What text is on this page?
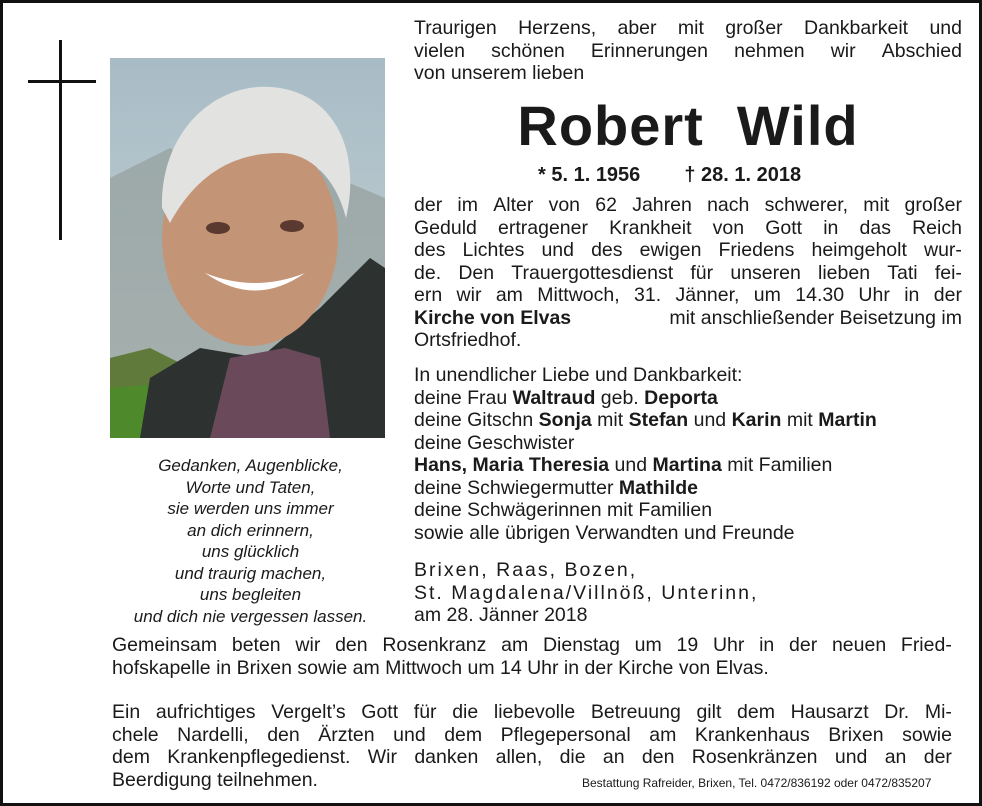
Gedanken, Augenblicke,
Worte und Taten,
sie werden uns immer
an dich erinnern,
uns glücklich
und traurig machen,
uns begleiten
und dich nie vergessen lassen.
Traurigen Herzens, aber mit großer Dankbarkeit und
vielen schönen Erinnerungen nehmen wir Abschied
von unserem lieben
Robert  Wild
* 5. 1. 1956 † 28. 1. 2018
der im Alter von 62 Jahren nach schwerer, mit großer
Geduld ertragener Krankheit von Gott in das Reich
des Lichtes und des ewigen Friedens heimgeholt wur-
de. Den Trauergottesdienst für unseren lieben Tati fei-
ern wir am Mittwoch, 31. Jänner, um 14.30 Uhr in der
Kirche von Elvas	mit anschließender Beisetzung im
Ortsfriedhof.
In unendlicher Liebe und Dankbarkeit:
deine Frau Waltraud geb. Deporta
deine Gitschn Sonja mit Stefan und Karin mit Martin
deine Geschwister
Hans, Maria Theresia und Martina mit Familien
deine Schwiegermutter Mathilde
deine Schwägerinnen mit Familien
sowie alle übrigen Verwandten und Freunde
Brixen, Raas, Bozen,
St. Magdalena/Villnöß, Unterinn,
am 28. Jänner 2018
Gemeinsam beten wir den Rosenkranz am Dienstag um 19 Uhr in der neuen Fried-
hofskapelle in Brixen sowie am Mittwoch um 14 Uhr in der Kirche von Elvas.
Ein aufrichtiges Vergelt’s Gott für die liebevolle Betreuung gilt dem Hausarzt Dr. Mi-
chele Nardelli, den Ärzten und dem Pflegepersonal am Krankenhaus Brixen sowie
dem Krankenpflegedienst. Wir danken allen, die an den Rosenkränzen und an der
Beerdigung teilnehmen.	Bestattung Rafreider, Brixen, Tel. 0472/836192 oder 0472/835207
